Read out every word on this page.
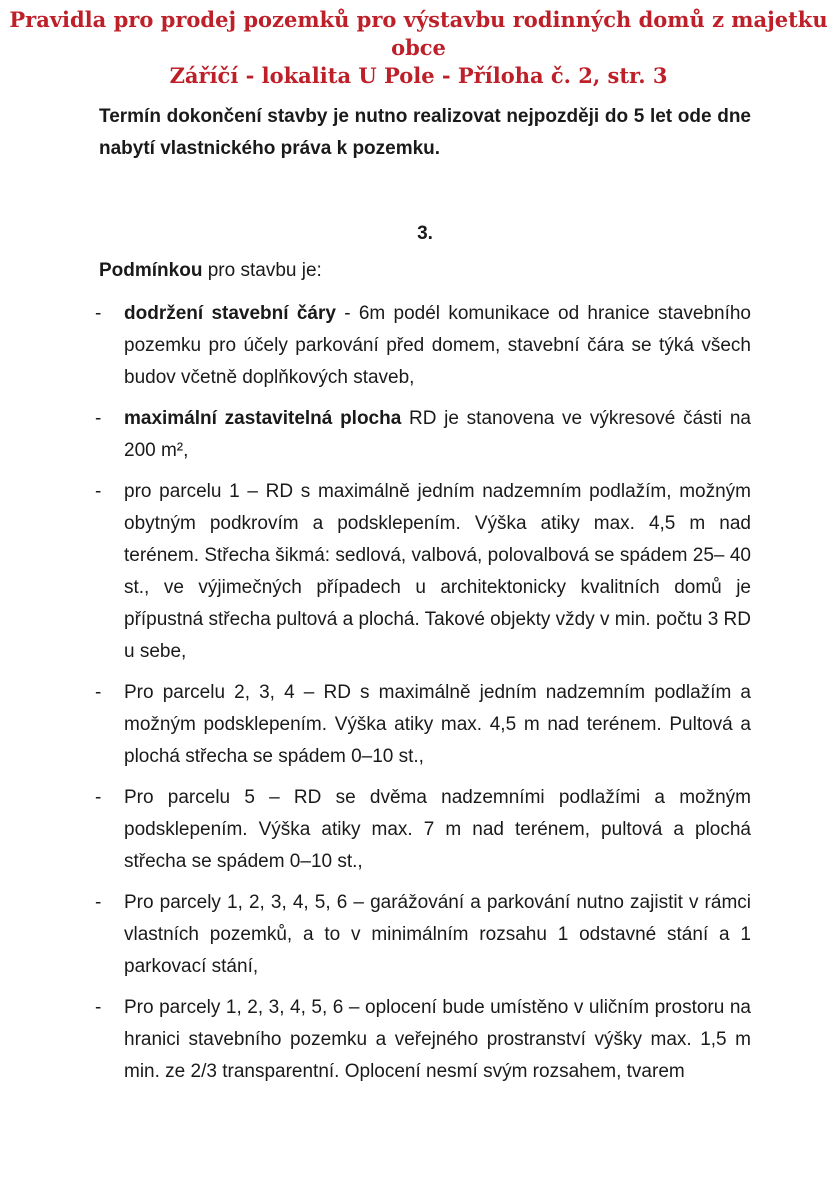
Pravidla pro prodej pozemků pro výstavbu rodinných domů z majetku obce
Záříčí - lokalita U Pole - Příloha č. 2, str. 3

Termín dokončení stavby je nutno realizovat nejpozději do 5 let ode dne nabytí vlastnického práva k pozemku.

3.

Podmínkou pro stavbu je:

- dodržení stavební čáry - 6m podél komunikace od hranice stavebního pozemku pro účely parkování před domem, stavební čára se týká všech budov včetně doplňkových staveb,

- maximální zastavitelná plocha RD je stanovena ve výkresové části na 200 m²,

- pro parcelu 1 – RD s maximálně jedním nadzemním podlažím, možným obytným podkrovím a podsklepením. Výška atiky max. 4,5 m nad terénem. Střecha šikmá: sedlová, valbová, polovalbová se spádem 25– 40 st., ve výjimečných případech u architektonicky kvalitních domů je přípustná střecha pultová a plochá. Takové objekty vždy v min. počtu 3 RD u sebe,

- Pro parcelu 2, 3, 4 – RD s maximálně jedním nadzemním podlažím a možným podsklepením. Výška atiky max. 4,5 m nad terénem. Pultová a plochá střecha se spádem 0–10 st.,

- Pro parcelu 5 – RD se dvěma nadzemními podlažími a možným podsklepením. Výška atiky max. 7 m nad terénem, pultová a plochá střecha se spádem 0–10 st.,

- Pro parcely 1, 2, 3, 4, 5, 6 – garážování a parkování nutno zajistit v rámci vlastních pozemků, a to v minimálním rozsahu 1 odstavné stání a 1 parkovací stání,

- Pro parcely 1, 2, 3, 4, 5, 6 – oplocení bude umístěno v uličním prostoru na hranici stavebního pozemku a veřejného prostranství výšky max. 1,5 m min. ze 2/3 transparentní. Oplocení nesmí svým rozsahem, tvarem
